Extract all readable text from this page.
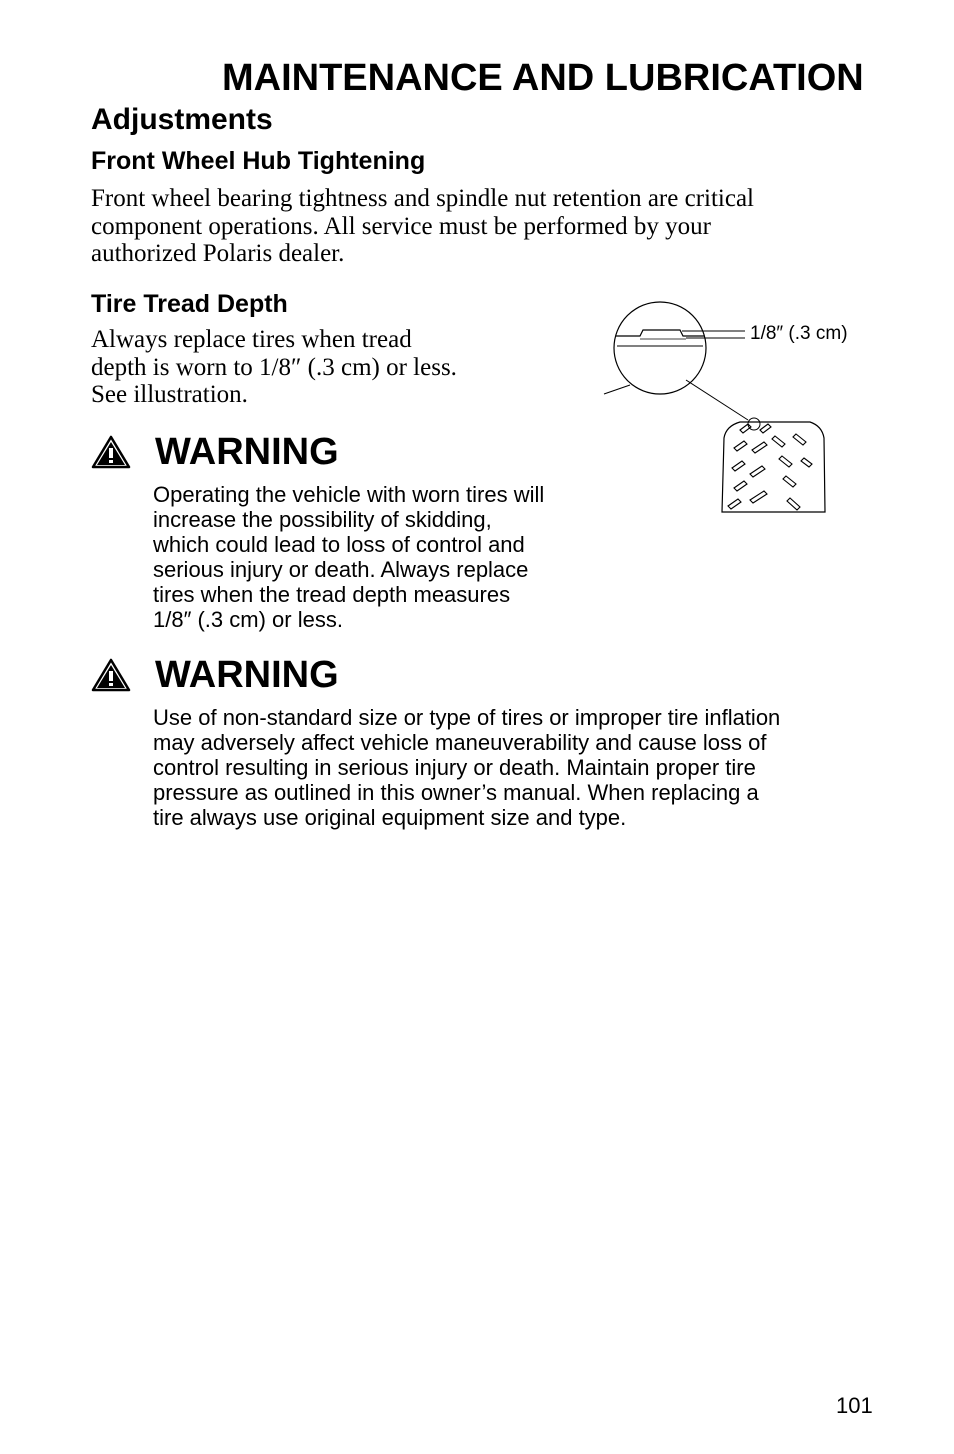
MAINTENANCE AND LUBRICATION
Adjustments
Front Wheel Hub Tightening
Front wheel bearing tightness and spindle nut retention are critical
component operations. All service must be performed by your
authorized Polaris dealer.
Tire Tread Depth
Always replace tires when tread
depth is worn to 1/8″ (.3 cm) or less.
See illustration.
1/8″ (.3 cm)
WARNING
Operating the vehicle with worn tires will
increase the possibility of skidding,
which could lead to loss of control and
serious injury or death. Always replace
tires when the tread depth measures
1/8″ (.3 cm) or less.
WARNING
Use of non-standard size or type of tires or improper tire inflation
may adversely affect vehicle maneuverability and cause loss of
control resulting in serious injury or death. Maintain proper tire
pressure as outlined in this owner’s manual. When replacing a
tire always use original equipment size and type.
101
